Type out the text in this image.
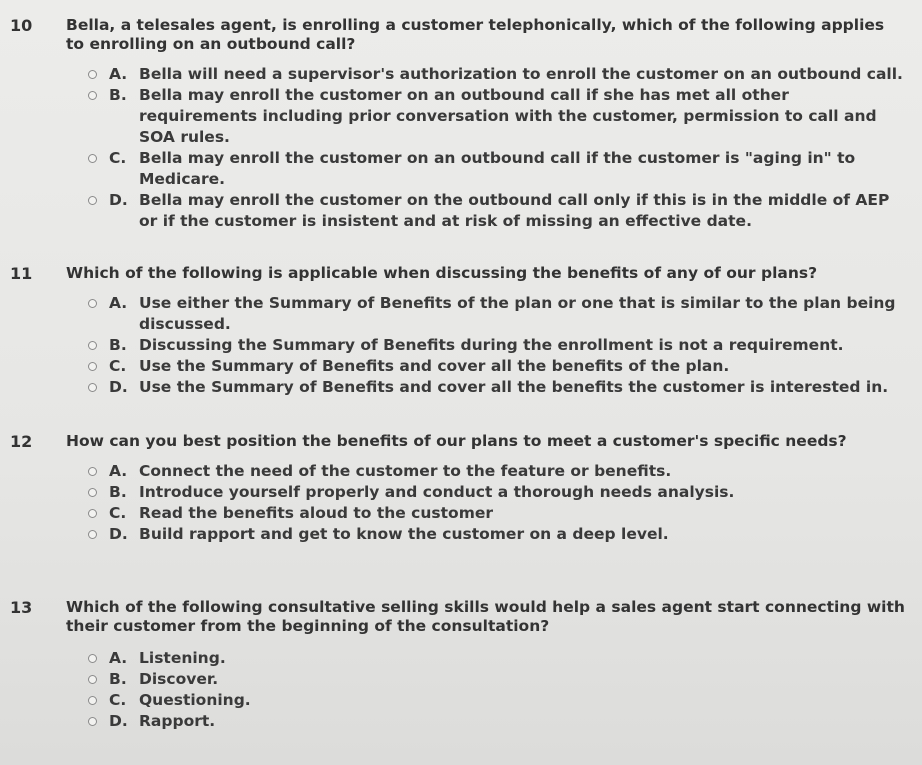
10 Bella, a telesales agent, is enrolling a customer telephonically, which of the following applies to enrolling on an outbound call?
A. Bella will need a supervisor's authorization to enroll the customer on an outbound call.
B. Bella may enroll the customer on an outbound call if she has met all other requirements including prior conversation with the customer, permission to call and SOA rules.
C. Bella may enroll the customer on an outbound call if the customer is "aging in" to Medicare.
D. Bella may enroll the customer on the outbound call only if this is in the middle of AEP or if the customer is insistent and at risk of missing an effective date.
11 Which of the following is applicable when discussing the benefits of any of our plans?
A. Use either the Summary of Benefits of the plan or one that is similar to the plan being discussed.
B. Discussing the Summary of Benefits during the enrollment is not a requirement.
C. Use the Summary of Benefits and cover all the benefits of the plan.
D. Use the Summary of Benefits and cover all the benefits the customer is interested in.
12 How can you best position the benefits of our plans to meet a customer's specific needs?
A. Connect the need of the customer to the feature or benefits.
B. Introduce yourself properly and conduct a thorough needs analysis.
C. Read the benefits aloud to the customer
D. Build rapport and get to know the customer on a deep level.
13 Which of the following consultative selling skills would help a sales agent start connecting with their customer from the beginning of the consultation?
A. Listening.
B. Discover.
C. Questioning.
D. Rapport.
